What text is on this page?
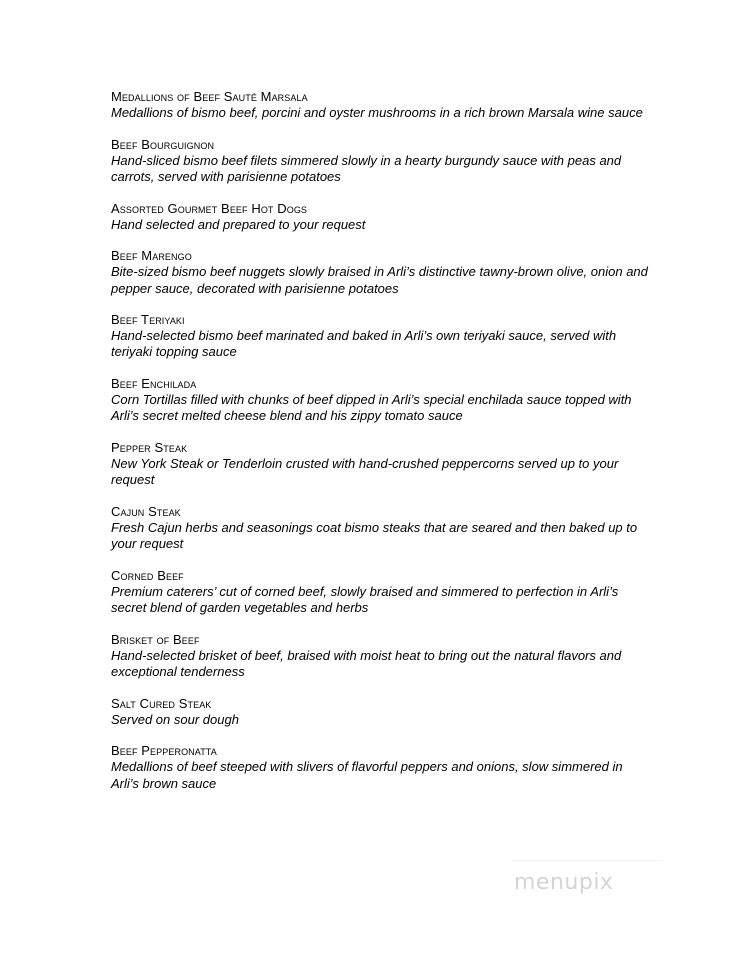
Medallions of Beef Sauté Marsala
Medallions of bismo beef, porcini and oyster mushrooms in a rich brown Marsala wine sauce
Beef Bourguignon
Hand-sliced bismo beef filets simmered slowly in a hearty burgundy sauce with peas and carrots, served with parisienne potatoes
Assorted Gourmet Beef Hot Dogs
Hand selected and prepared to your request
Beef Marengo
Bite-sized bismo beef nuggets slowly braised in Arli’s distinctive tawny-brown olive, onion and pepper sauce, decorated with parisienne potatoes
Beef Teriyaki
Hand-selected bismo beef marinated and baked in Arli’s own teriyaki sauce, served with teriyaki topping sauce
Beef Enchilada
Corn Tortillas filled with chunks of beef dipped in Arli’s special enchilada sauce topped with Arli’s secret melted cheese blend and his zippy tomato sauce
Pepper Steak
New York Steak or Tenderloin crusted with hand-crushed peppercorns served up to your request
Cajun Steak
Fresh Cajun herbs and seasonings coat bismo steaks that are seared and then baked up to your request
Corned Beef
Premium caterers’ cut of corned beef, slowly braised and simmered to perfection in Arli’s secret blend of garden vegetables and herbs
Brisket of Beef
Hand-selected brisket of beef, braised with moist heat to bring out the natural flavors and exceptional tenderness
Salt Cured Steak
Served on sour dough
Beef Pepperonatta
Medallions of beef steeped with slivers of flavorful peppers and onions, slow simmered in Arli’s brown sauce
menupix
